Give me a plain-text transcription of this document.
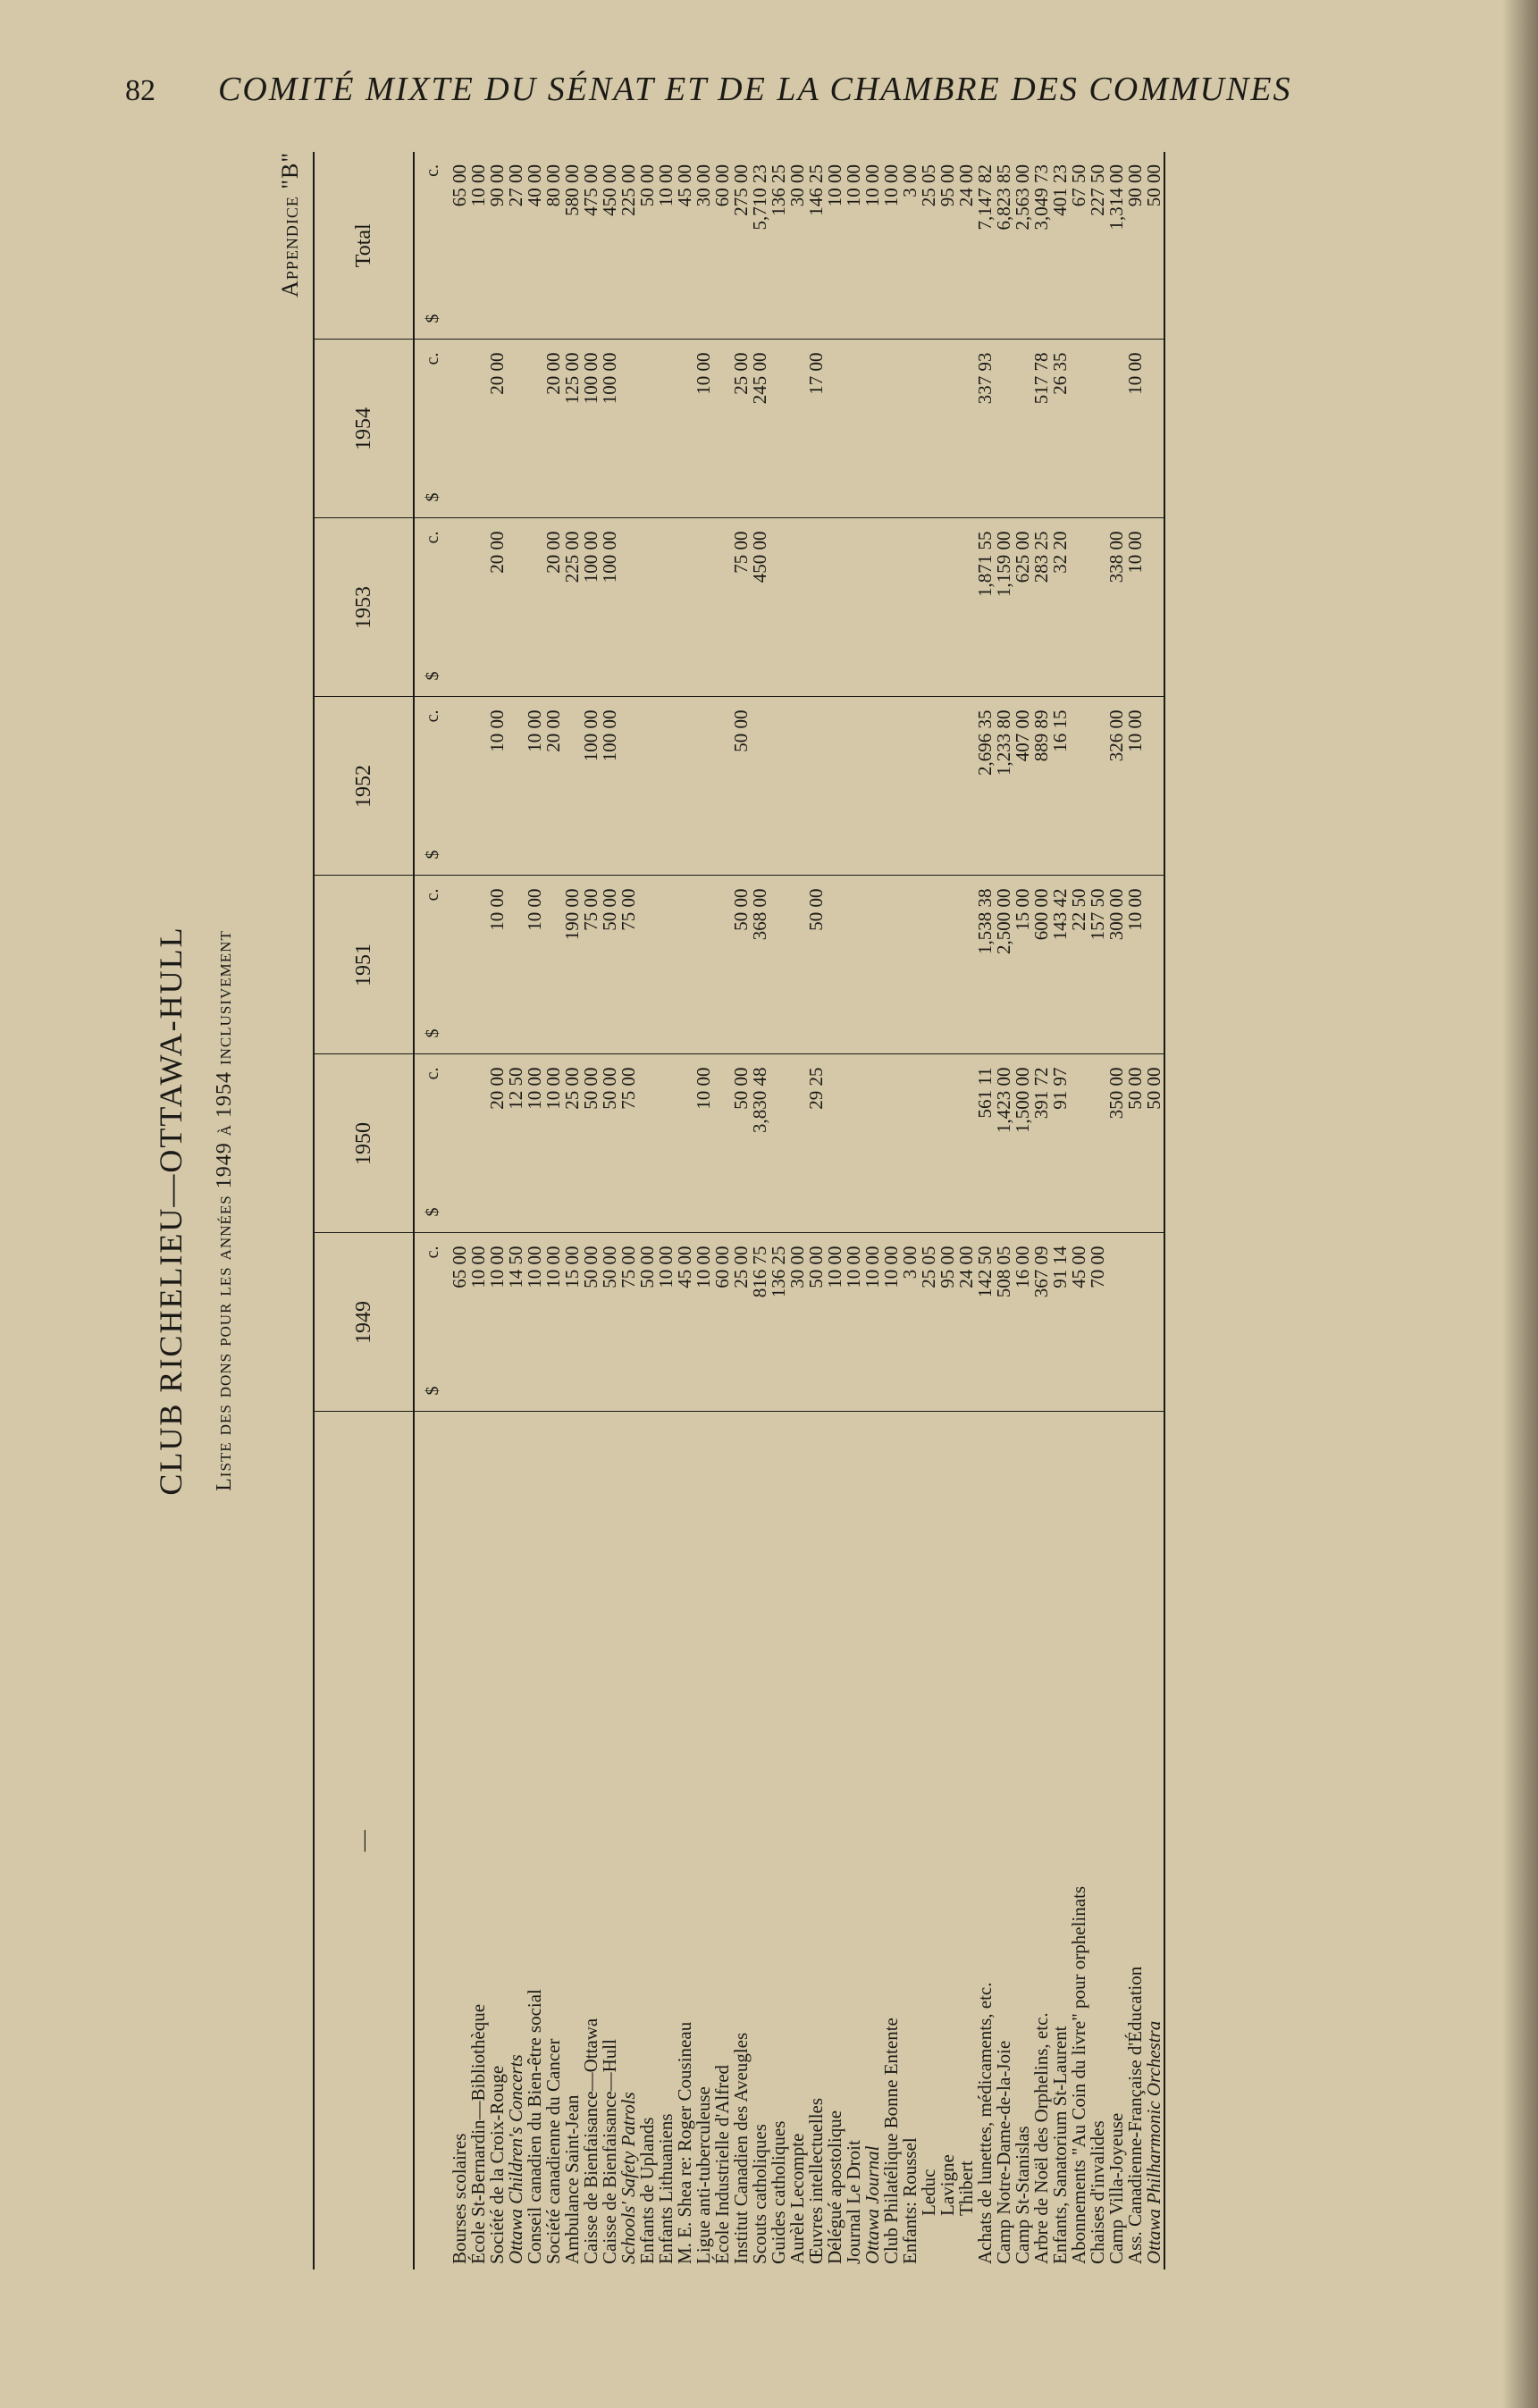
82 COMITÉ MIXTE DU SÉNAT ET DE LA CHAMBRE DES COMMUNES
CLUB RICHELIEU—OTTAWA-HULL Liste des dons pour les années 1949 à 1954 inclusivement
Appendice "B"
—	1949	1950	1951	1952	1953	1954	Total

	$
c.	$
c.	$
c.	$
c.	$
c.	$
c.	$
c.
Bourses scolaires	65 00						65 00
École St-Bernardin—Bibliothèque	10 00						10 00
Société de la Croix-Rouge	10 00	20 00	10 00	10 00	20 00	20 00	90 00
Ottawa Children's Concerts	14 50	12 50					27 00
Conseil canadien du Bien-être social	10 00	10 00	10 00	10 00			40 00
Société canadienne du Cancer	10 00	10 00		20 00	20 00	20 00	80 00
Ambulance Saint-Jean	15 00	25 00	190 00		225 00	125 00	580 00
Caisse de Bienfaisance—Ottawa	50 00	50 00	75 00	100 00	100 00	100 00	475 00
Caisse de Bienfaisance—Hull	50 00	50 00	50 00	100 00	100 00	100 00	450 00
Schools' Safety Patrols	75 00	75 00	75 00				225 00
Enfants de Uplands	50 00						50 00
Enfants Lithuaniens	10 00						10 00
M. E. Shea re: Roger Cousineau	45 00						45 00
Ligue anti-tuberculeuse	10 00	10 00				10 00	30 00
École Industrielle d'Alfred	60 00						60 00
Institut Canadien des Aveugles	25 00	50 00	50 00	50 00	75 00	25 00	275 00
Scouts catholiques	816 75	3,830 48	368 00		450 00	245 00	5,710 23
Guides catholiques	136 25						136 25
Aurèle Lecompte	30 00						30 00
Œuvres intellectuelles	50 00	29 25	50 00			17 00	146 25
Délégué apostolique	10 00						10 00
Journal Le Droit	10 00						10 00
Ottawa Journal	10 00						10 00
Club Philatélique Bonne Entente	10 00						10 00
Enfants: Roussel	3 00						3 00
Leduc	25 05						25 05
Lavigne	95 00						95 00
Thibert	24 00						24 00
Achats de lunettes, médicaments, etc.	142 50	561 11	1,538 38	2,696 35	1,871 55	337 93	7,147 82
Camp Notre-Dame-de-la-Joie	508 05	1,423 00	2,500 00	1,233 80	1,159 00		6,823 85
Camp St-Stanislas	16 00	1,500 00	15 00	407 00	625 00		2,563 00
Arbre de Noël des Orphelins, etc.	367 09	391 72	600 00	889 89	283 25	517 78	3,049 73
Enfants, Sanatorium St-Laurent	91 14	91 97	143 42	16 15	32 20	26 35	401 23
Abonnements "Au Coin du livre" pour orphelinats	45 00		22 50				67 50
Chaises d'invalides	70 00		157 50				227 50
Camp Villa-Joyeuse		350 00	300 00	326 00	338 00		1,314 00
Ass. Canadienne-Française d'Éducation		50 00	10 00	10 00	10 00	10 00	90 00
Ottawa Philharmonic Orchestra		50 00					50 00
